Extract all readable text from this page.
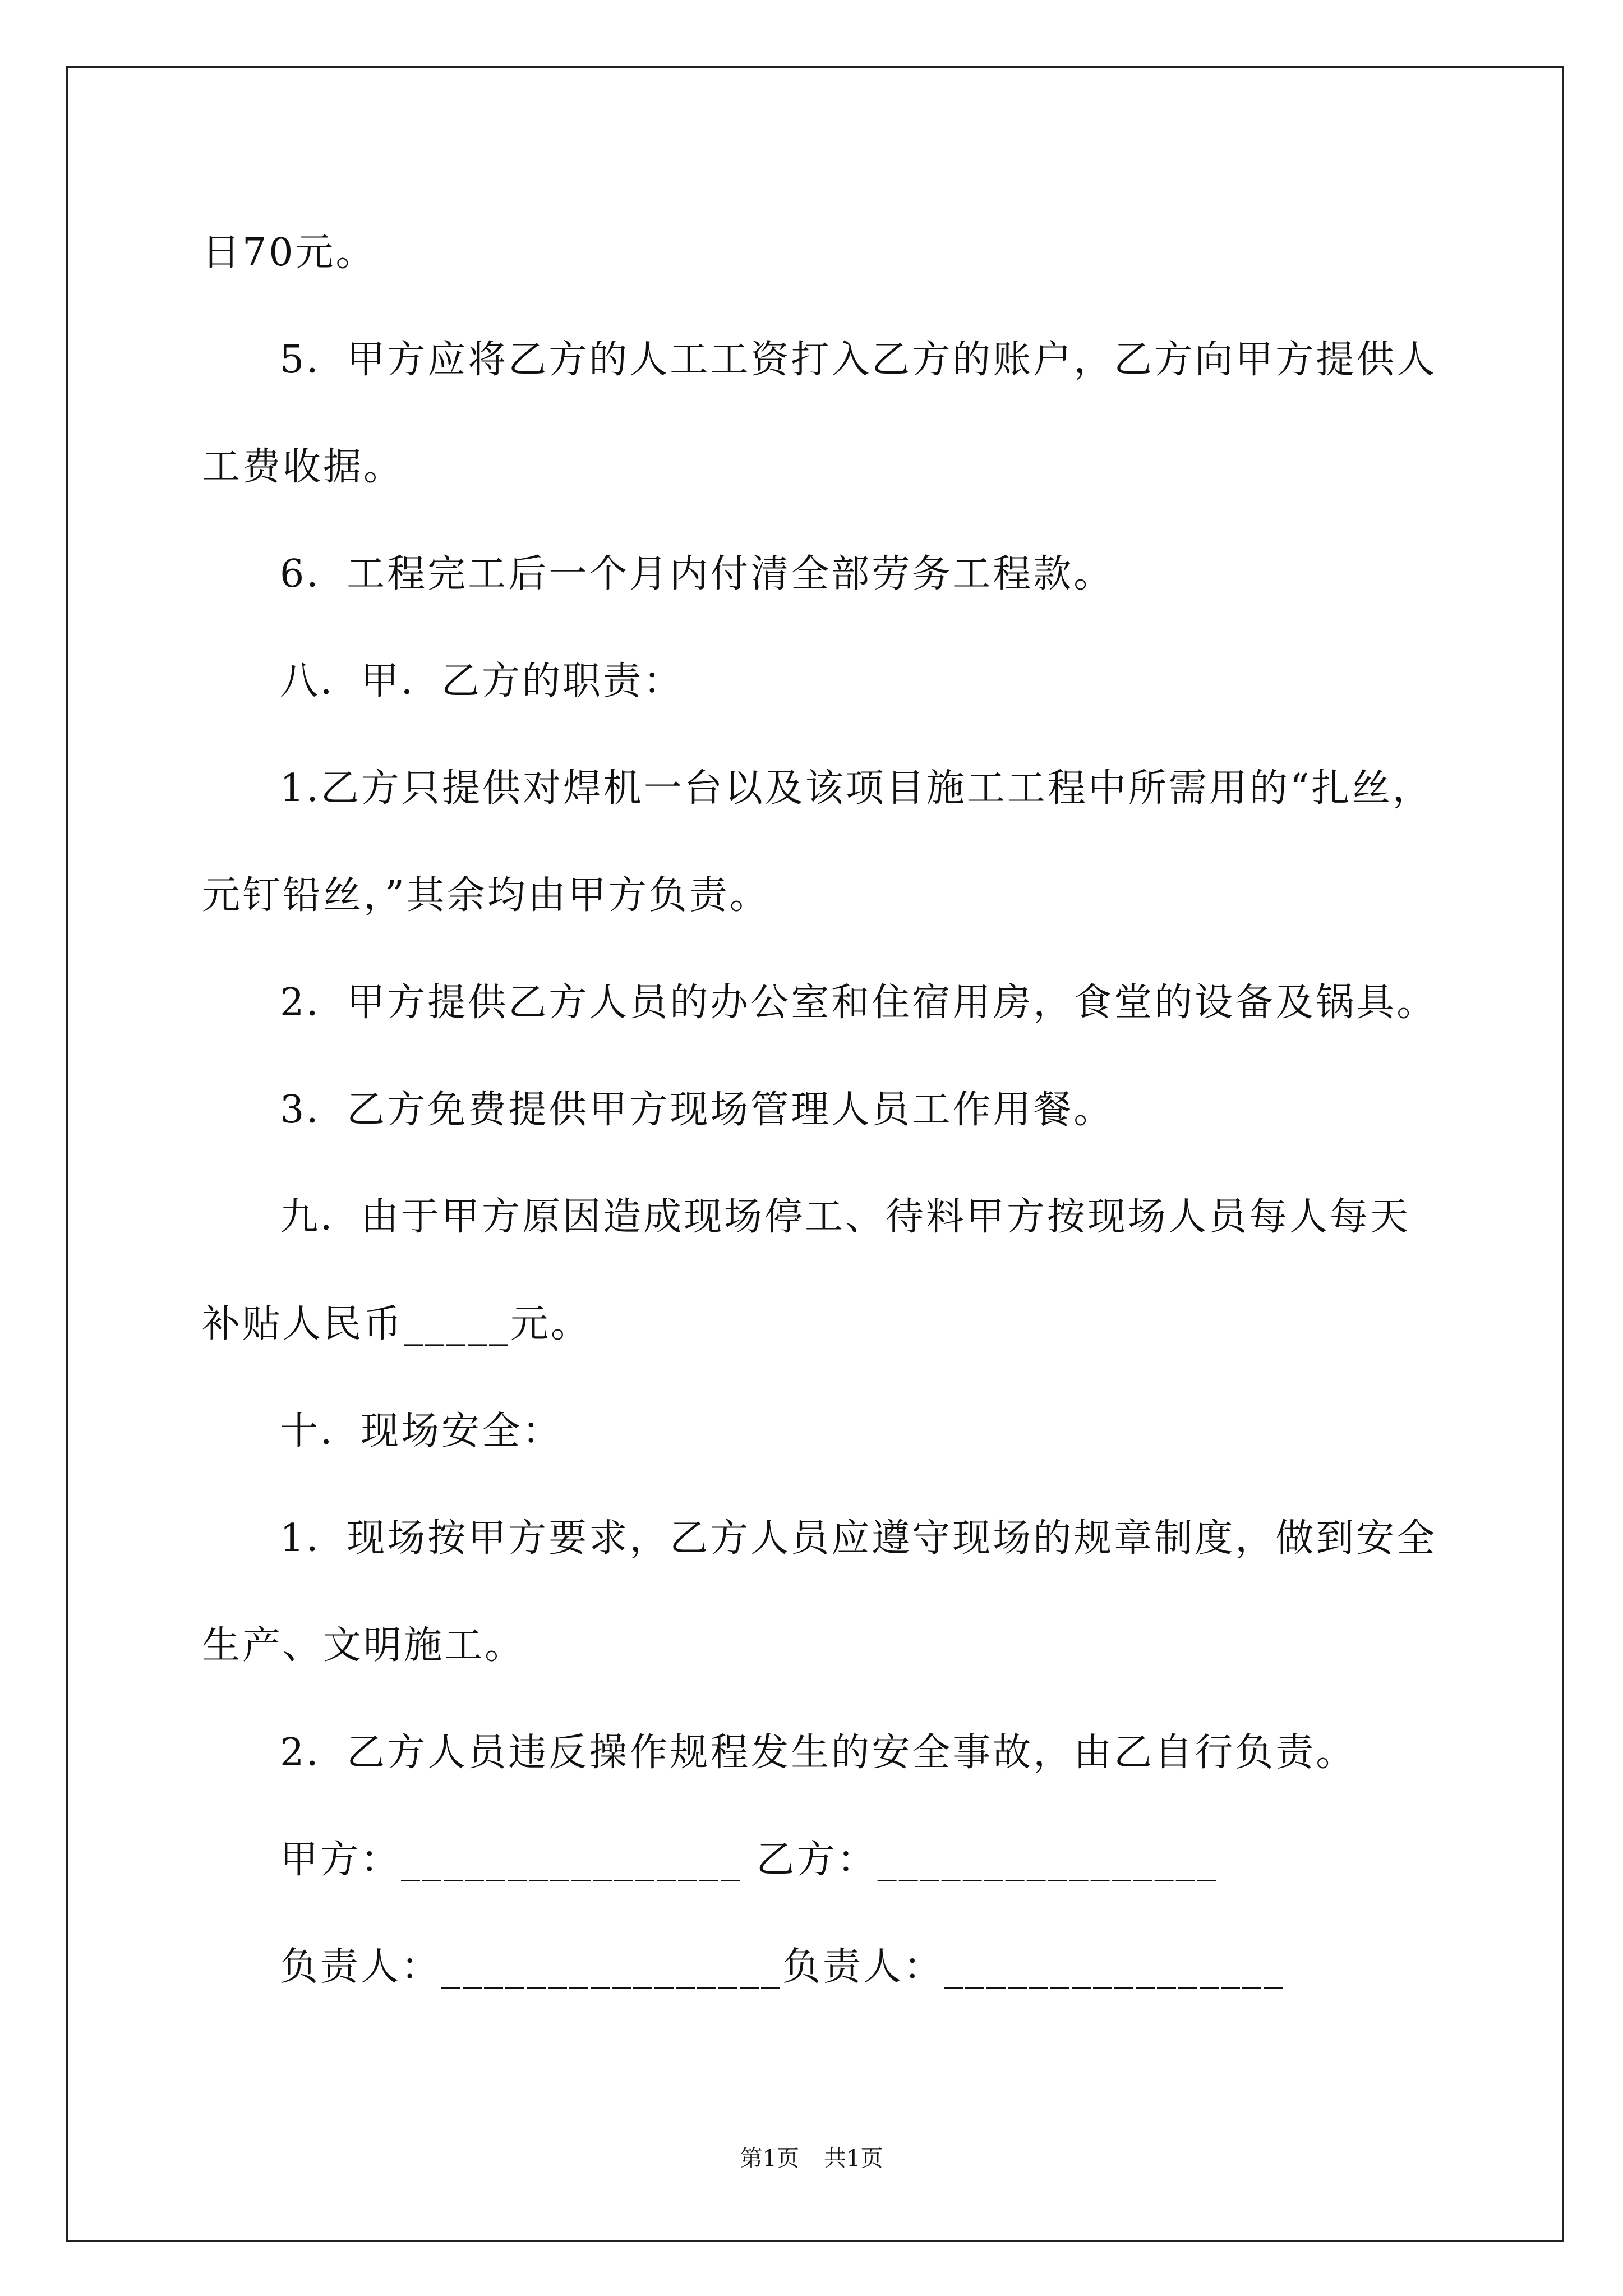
日70元。
5．甲方应将乙方的人工工资打入乙方的账户，乙方向甲方提供人
工费收据。
6．工程完工后一个月内付清全部劳务工程款。
八．甲．乙方的职责：
1.乙方只提供对焊机一台以及该项目施工工程中所需用的“扎丝，
元钉铅丝，”其余均由甲方负责。
2．甲方提供乙方人员的办公室和住宿用房，食堂的设备及锅具。
3．乙方免费提供甲方现场管理人员工作用餐。
九．由于甲方原因造成现场停工、待料甲方按现场人员每人每天
补贴人民币_____元。
十．现场安全：
1．现场按甲方要求，乙方人员应遵守现场的规章制度，做到安全
生产、文明施工。
2．乙方人员违反操作规程发生的安全事故，由乙自行负责。
甲方：________________ 乙方：________________
负责人：________________负责人：________________
第1页 共1页
